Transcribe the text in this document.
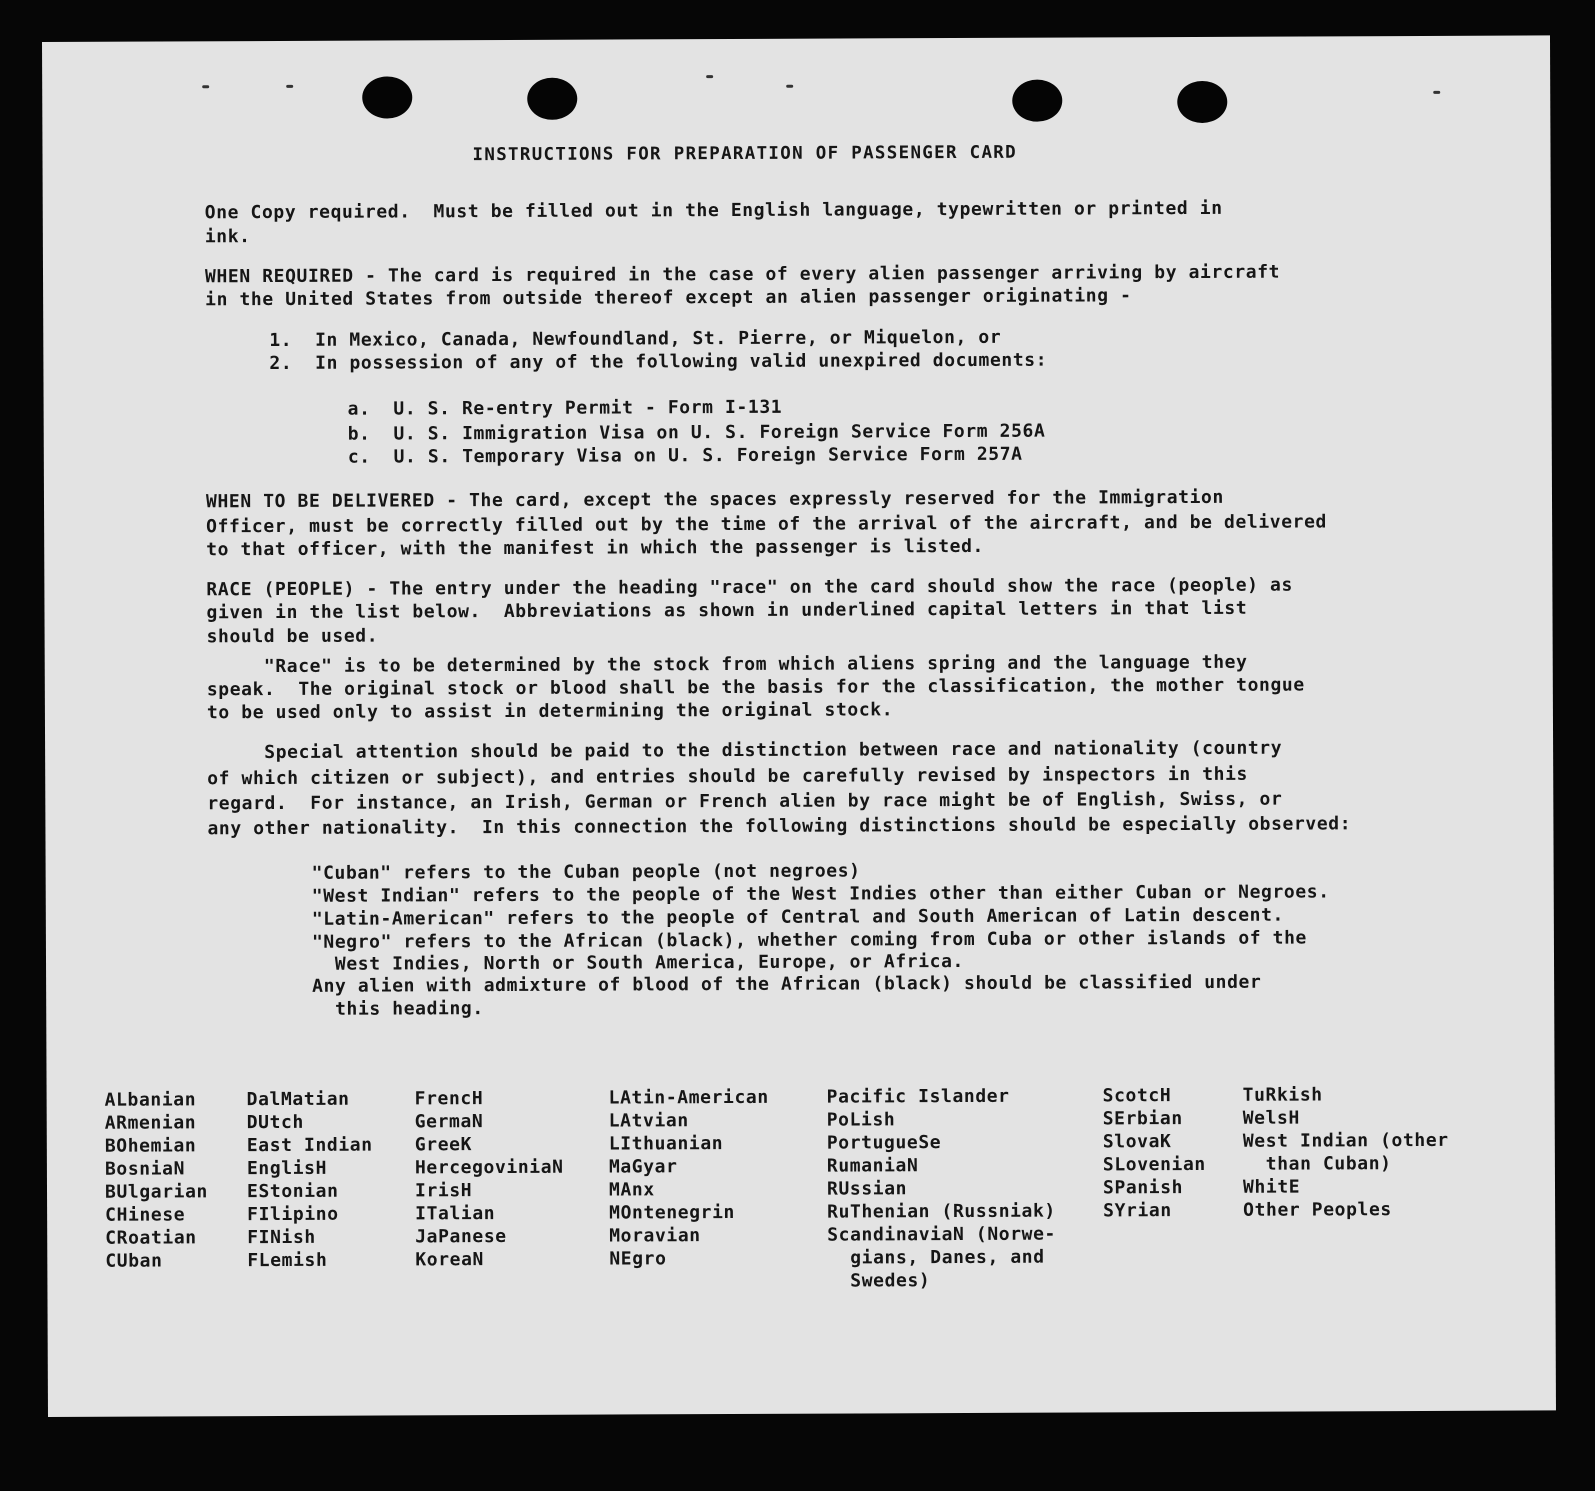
INSTRUCTIONS FOR PREPARATION OF PASSENGER CARD
One Copy required.  Must be filled out in the English language, typewritten or printed in
ink.
WHEN REQUIRED - The card is required in the case of every alien passenger arriving by aircraft
in the United States from outside thereof except an alien passenger originating -
1.  In Mexico, Canada, Newfoundland, St. Pierre, or Miquelon, or
2.  In possession of any of the following valid unexpired documents:
a.  U. S. Re-entry Permit - Form I-131
b.  U. S. Immigration Visa on U. S. Foreign Service Form 256A
c.  U. S. Temporary Visa on U. S. Foreign Service Form 257A
WHEN TO BE DELIVERED - The card, except the spaces expressly reserved for the Immigration
Officer, must be correctly filled out by the time of the arrival of the aircraft, and be delivered
to that officer, with the manifest in which the passenger is listed.
RACE (PEOPLE) - The entry under the heading "race" on the card should show the race (people) as
given in the list below.  Abbreviations as shown in underlined capital letters in that list
should be used.
"Race" is to be determined by the stock from which aliens spring and the language they
speak.  The original stock or blood shall be the basis for the classification, the mother tongue
to be used only to assist in determining the original stock.
Special attention should be paid to the distinction between race and nationality (country
of which citizen or subject), and entries should be carefully revised by inspectors in this
regard.  For instance, an Irish, German or French alien by race might be of English, Swiss, or
any other nationality.  In this connection the following distinctions should be especially observed:
"Cuban" refers to the Cuban people (not negroes)
"West Indian" refers to the people of the West Indies other than either Cuban or Negroes.
"Latin-American" refers to the people of Central and South American of Latin descent.
"Negro" refers to the African (black), whether coming from Cuba or other islands of the
West Indies, North or South America, Europe, or Africa.
Any alien with admixture of blood of the African (black) should be classified under
this heading.
ALbanian
ARmenian
BOhemian
BosniaN
BUlgarian
CHinese
CRoatian
CUban
DalMatian
DUtch
East Indian
EnglisH
EStonian
FIlipino
FINish
FLemish
FrencH
GermaN
GreeK
HercegoviniaN
IrisH
ITalian
JaPanese
KoreaN
LAtin-American
LAtvian
LIthuanian
MaGyar
MAnx
MOntenegrin
Moravian
NEgro
Pacific Islander
PoLish
PortugueSe
RumaniaN
RUssian
RuThenian (Russniak)
ScandinaviaN (Norwe-
gians, Danes, and
Swedes)
ScotcH
SErbian
SlovaK
SLovenian
SPanish
SYrian
TuRkish
WelsH
West Indian (other
than Cuban)
WhitE
Other Peoples
